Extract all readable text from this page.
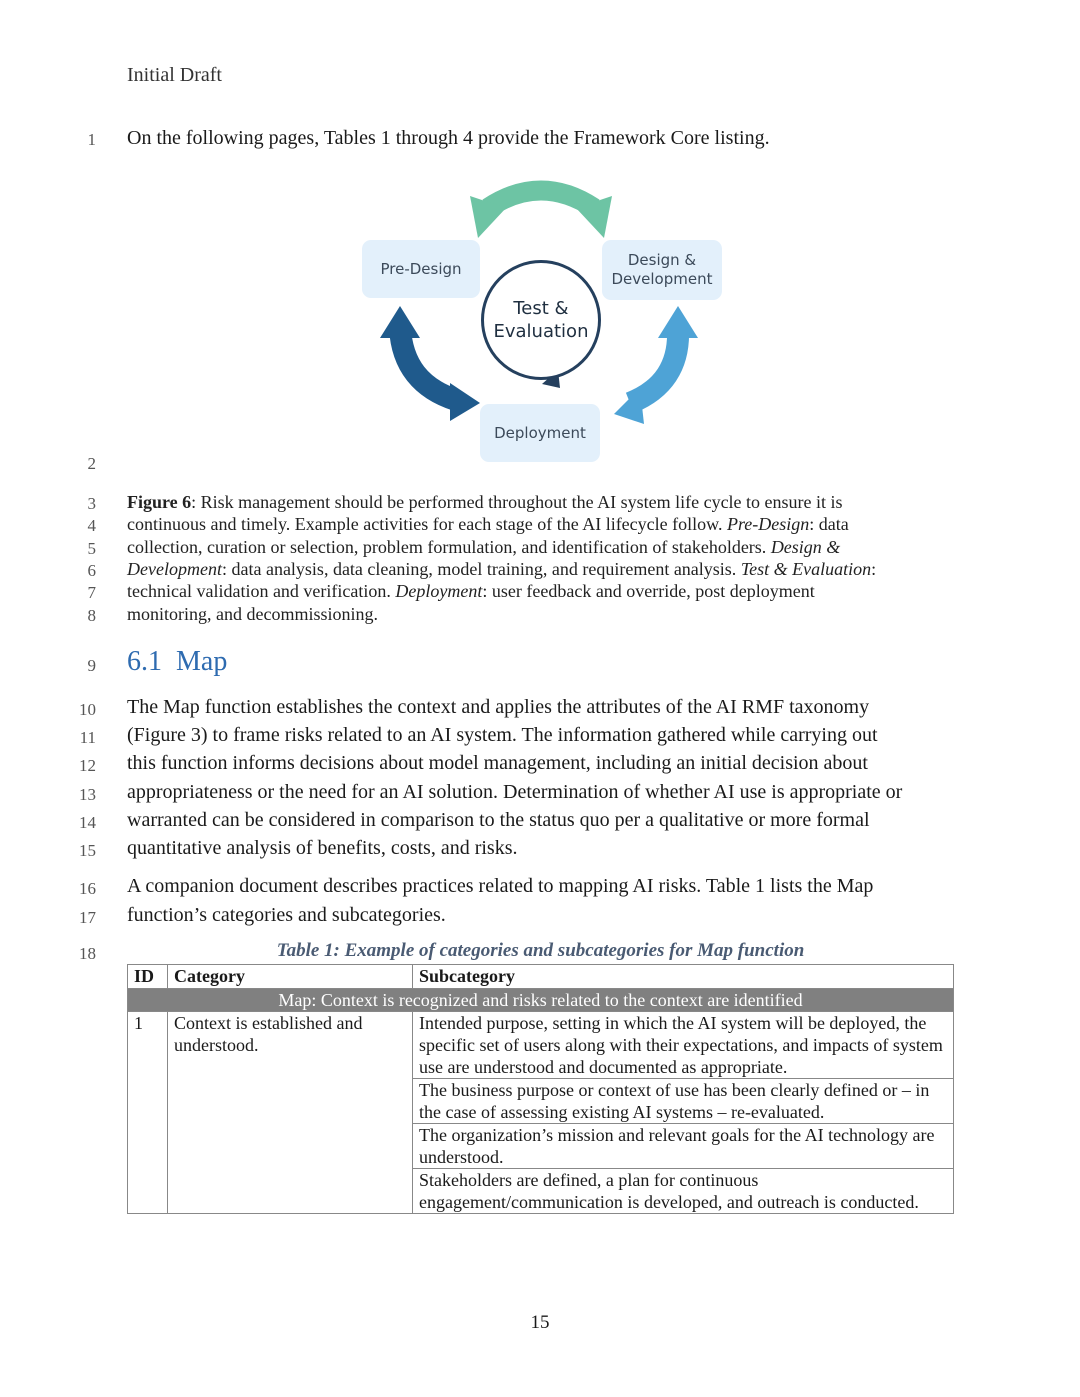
Initial Draft
1 On the following pages, Tables 1 through 4 provide the Framework Core listing.
Pre-Design	Design &
Development
Deployment
Test &
Evaluation
2
3 Figure 6: Risk management should be performed throughout the AI system life cycle to ensure it is
4 continuous and timely. Example activities for each stage of the AI lifecycle follow. Pre-Design: data
5 collection, curation or selection, problem formulation, and identification of stakeholders. Design &
6 Development: data analysis, data cleaning, model training, and requirement analysis. Test & Evaluation:
7 technical validation and verification. Deployment: user feedback and override, post deployment
8 monitoring, and decommissioning.
9 6.1 Map
10 The Map function establishes the context and applies the attributes of the AI RMF taxonomy
11 (Figure 3) to frame risks related to an AI system. The information gathered while carrying out
12 this function informs decisions about model management, including an initial decision about
13 appropriateness or the need for an AI solution. Determination of whether AI use is appropriate or
14 warranted can be considered in comparison to the status quo per a qualitative or more formal
15 quantitative analysis of benefits, costs, and risks.
16 A companion document describes practices related to mapping AI risks. Table 1 lists the Map
17 function’s categories and subcategories.
18	Table 1: Example of categories and subcategories for Map function
ID	Category	Subcategory
Map: Context is recognized and risks related to the context are identified		
1	Context is established and understood.	Intended purpose, setting in which the AI system will be deployed, the specific set of users along with their expectations, and impacts of system use are understood and documented as appropriate.
		The business purpose or context of use has been clearly defined or – in the case of assessing existing AI systems – re-evaluated.
		The organization’s mission and relevant goals for the AI technology are understood.
		Stakeholders are defined, a plan for continuous engagement/communication is developed, and outreach is conducted.
15
